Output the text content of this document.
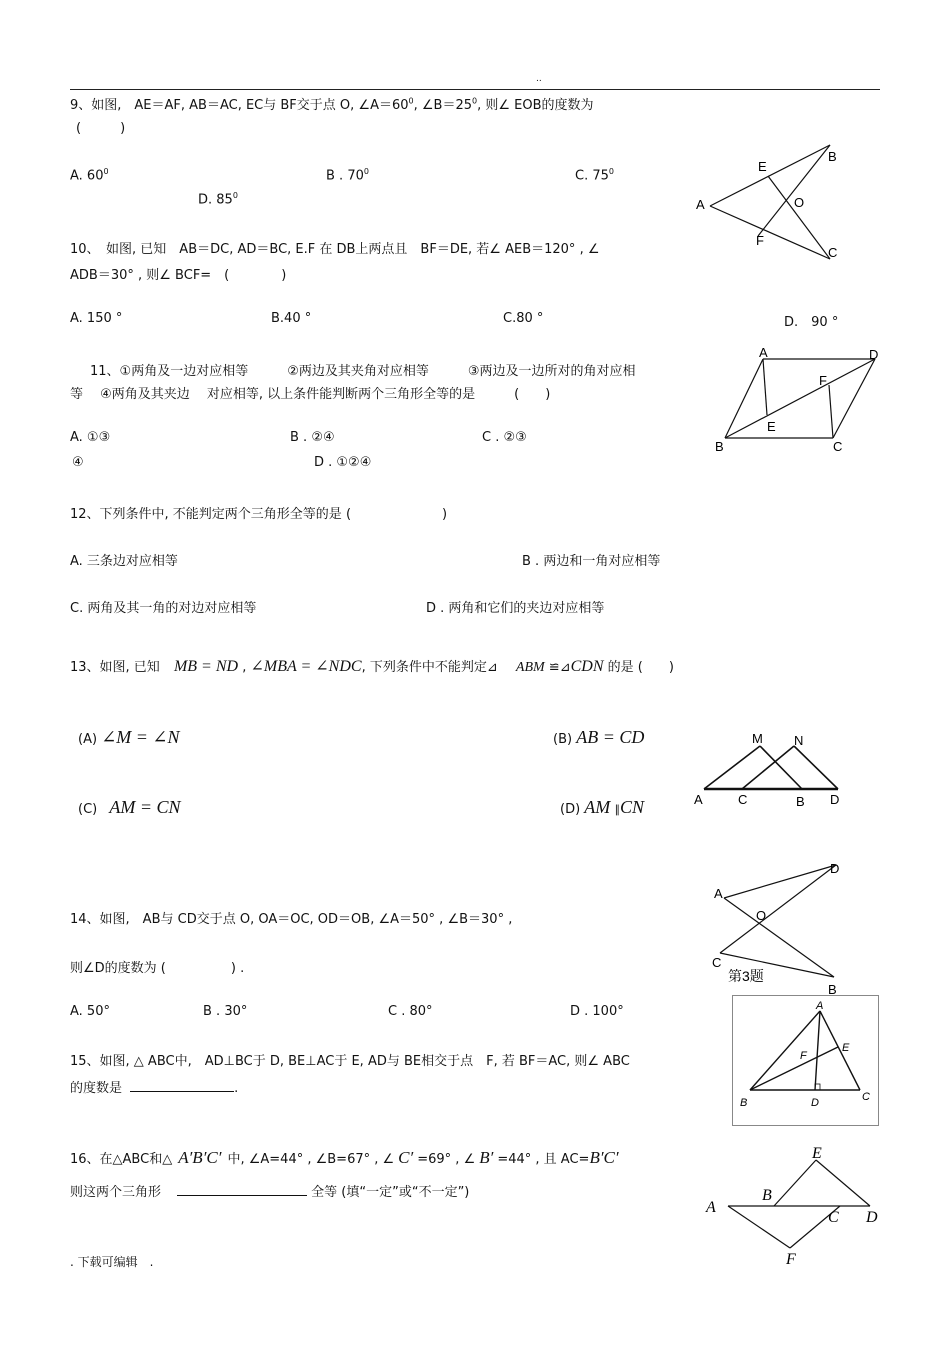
..
9、如图,　AE＝AF, AB＝AC, EC与 BF交于点 O, $\angle A=60^0$, $\angle B=25^0$, 则∠ EOB的度数为
(　　　)
A. $60^0$	B . $70^0$	C. $75^0$
D. $85^0$
A
B
C
E
F
O
10、　如图, 已知　AB＝DC, AD＝BC, E.F 在 DB上两点且　BF＝DE, 若∠ AEB＝120° , ∠
ADB＝30° , 则∠ BCF=　(　　　　)
A. 150 °	B.40 °	C.80 °	D.　90 °
11、①两角及一边对应相等　　　②两边及其夹角对应相等　　　③两边及一边所对的角对应相
等　 ④两角及其夹边　 对应相等, 以上条件能判断两个三角形全等的是　　　(　　)
A. ①③	B . ②④	C . ②③
④	D . ①②④
A	D
B	C
E
F
12、下列条件中, 不能判定两个三角形全等的是 (　　　　　　　)
A. 三条边对应相等	B . 两边和一角对应相等
C. 两角及其一角的对边对应相等	D . 两角和它们的夹边对应相等
13、如图, 已知 MB = ND , ∠MBA = ∠NDC, 下列条件中不能判定⊿ ABM ≌⊿CDN 的是 (　　)
(A) ∠M = ∠N	(B) AB = CD
(C) AM = CN	(D) AM ∥CN
M N
A	C	B D
14、如图,　AB与 CD交于点 O, OA＝OC, OD＝OB, ∠A＝50° , ∠B＝30° ,
则∠D的度数为 (　　　　　) .
A. 50°	B . 30°	C . 80°	D . 100°
A
D
O
C
B
第3题
15、如图, △ ABC中,　AD⊥BC于 D, BE⊥AC于 E, AD与 BE相交于点　F, 若 BF＝AC, 则∠ ABC
的度数是	.
A
B	C
D
E
F
16、在△ABC和△ A′B′C′ 中, ∠A=44° , ∠B=67° , ∠ C′ =69° , ∠ B′ =44° , 且 AC=B′C′
则这两个三角形	全等 (填“一定”或“不一定”)
A
B
C D
E
F
. 下载可编辑　.
